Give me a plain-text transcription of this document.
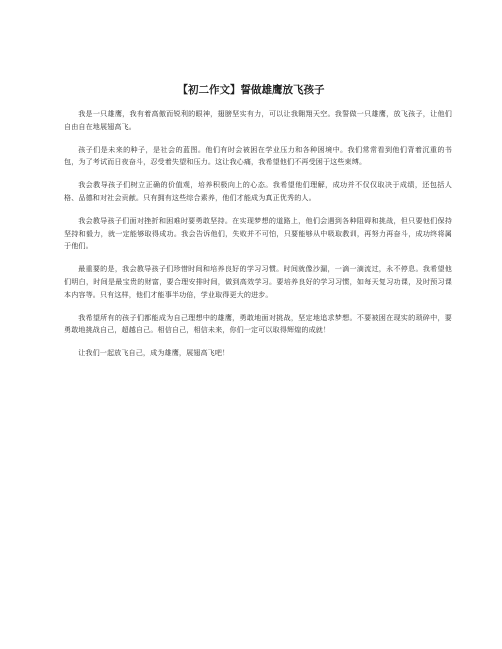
【初二作文】誓做雄鹰放飞孩子

我是一只雄鹰，我有着高傲而锐利的眼神，翅膀坚实有力，可以让我翱翔天空。我誓做一只雄鹰，放飞孩子，让他们自由自在地展翅高飞。

孩子们是未来的种子，是社会的蓝图。他们有时会被困在学业压力和各种困境中。我们常常看到他们背着沉重的书包，为了考试而日夜奋斗，忍受着失望和压力。这让我心痛，我希望他们不再受困于这些束缚。

我会教导孩子们树立正确的价值观，培养积极向上的心态。我希望他们理解，成功并不仅仅取决于成绩，还包括人格、品德和对社会贡献。只有拥有这些综合素养，他们才能成为真正优秀的人。

我会教导孩子们面对挫折和困难时要勇敢坚持。在实现梦想的道路上，他们会遇到各种阻碍和挑战，但只要他们保持坚持和毅力，就一定能够取得成功。我会告诉他们，失败并不可怕，只要能够从中吸取教训，再努力再奋斗，成功终将属于他们。

最重要的是，我会教导孩子们珍惜时间和培养良好的学习习惯。时间就像沙漏，一滴一滴流过，永不停息。我希望他们明白，时间是最宝贵的财富，要合理安排时间，做到高效学习。要培养良好的学习习惯，如每天复习功课，及时预习课本内容等。只有这样，他们才能事半功倍，学业取得更大的进步。

我希望所有的孩子们都能成为自己理想中的雄鹰，勇敢地面对挑战，坚定地追求梦想。不要被困在现实的琐碎中，要勇敢地挑战自己，超越自己。相信自己，相信未来，你们一定可以取得辉煌的成就！

让我们一起放飞自己，成为雄鹰，展翅高飞吧！
